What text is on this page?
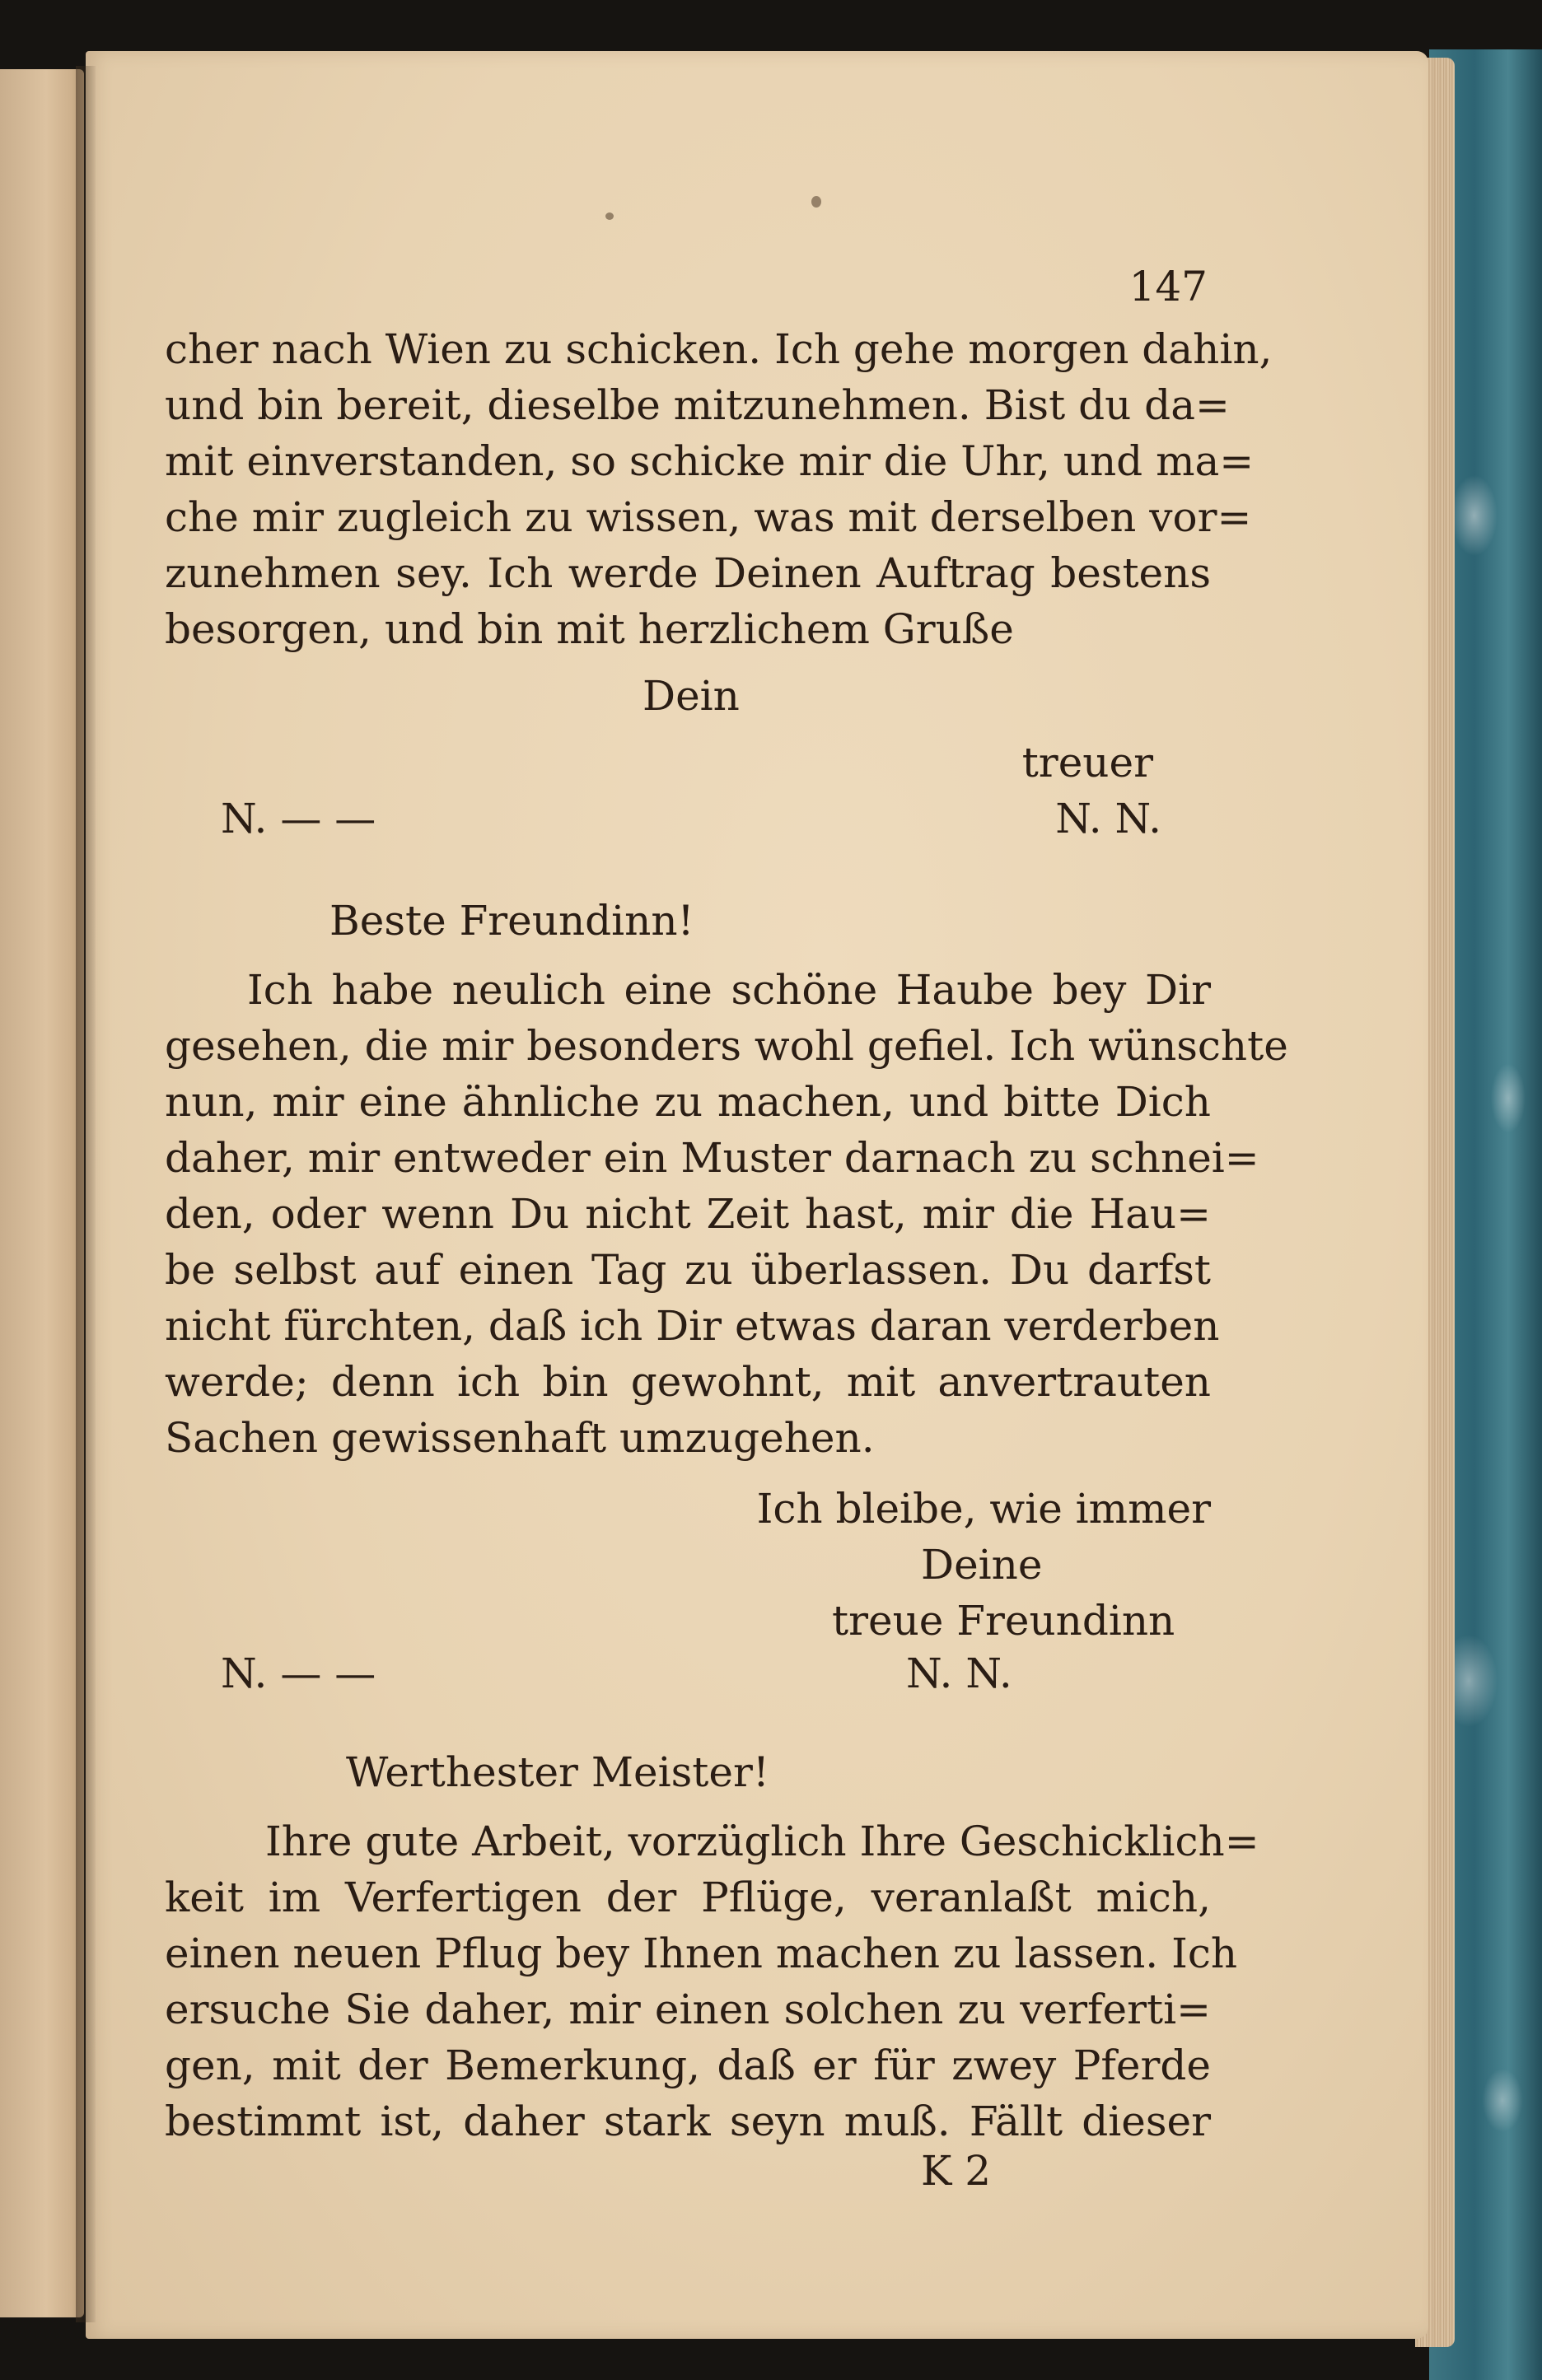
147

cher nach Wien zu schicken. Ich gehe morgen dahin,

und bin bereit, dieselbe mitzunehmen. Bist du da=

mit einverstanden, so schicke mir die Uhr, und ma=

che mir zugleich zu wissen, was mit derselben vor=

zunehmen sey. Ich werde Deinen Auftrag bestens

besorgen, und bin mit herzlichem Gruße

Dein

treuer

N. — —	N. N.

Beste Freundinn!

Ich habe neulich eine schöne Haube bey Dir

gesehen, die mir besonders wohl gefiel. Ich wünschte

nun, mir eine ähnliche zu machen, und bitte Dich

daher, mir entweder ein Muster darnach zu schnei=

den, oder wenn Du nicht Zeit hast, mir die Hau=

be selbst auf einen Tag zu überlassen. Du darfst

nicht fürchten, daß ich Dir etwas daran verderben

werde; denn ich bin gewohnt, mit anvertrauten

Sachen gewissenhaft umzugehen.

Ich bleibe, wie immer

Deine

treue Freundinn

N. — —	N. N.

Werthester Meister!

Ihre gute Arbeit, vorzüglich Ihre Geschicklich=

keit im Verfertigen der Pflüge, veranlaßt mich,

einen neuen Pflug bey Ihnen machen zu lassen. Ich

ersuche Sie daher, mir einen solchen zu verferti=

gen, mit der Bemerkung, daß er für zwey Pferde

bestimmt ist, daher stark seyn muß. Fällt dieser

K 2
